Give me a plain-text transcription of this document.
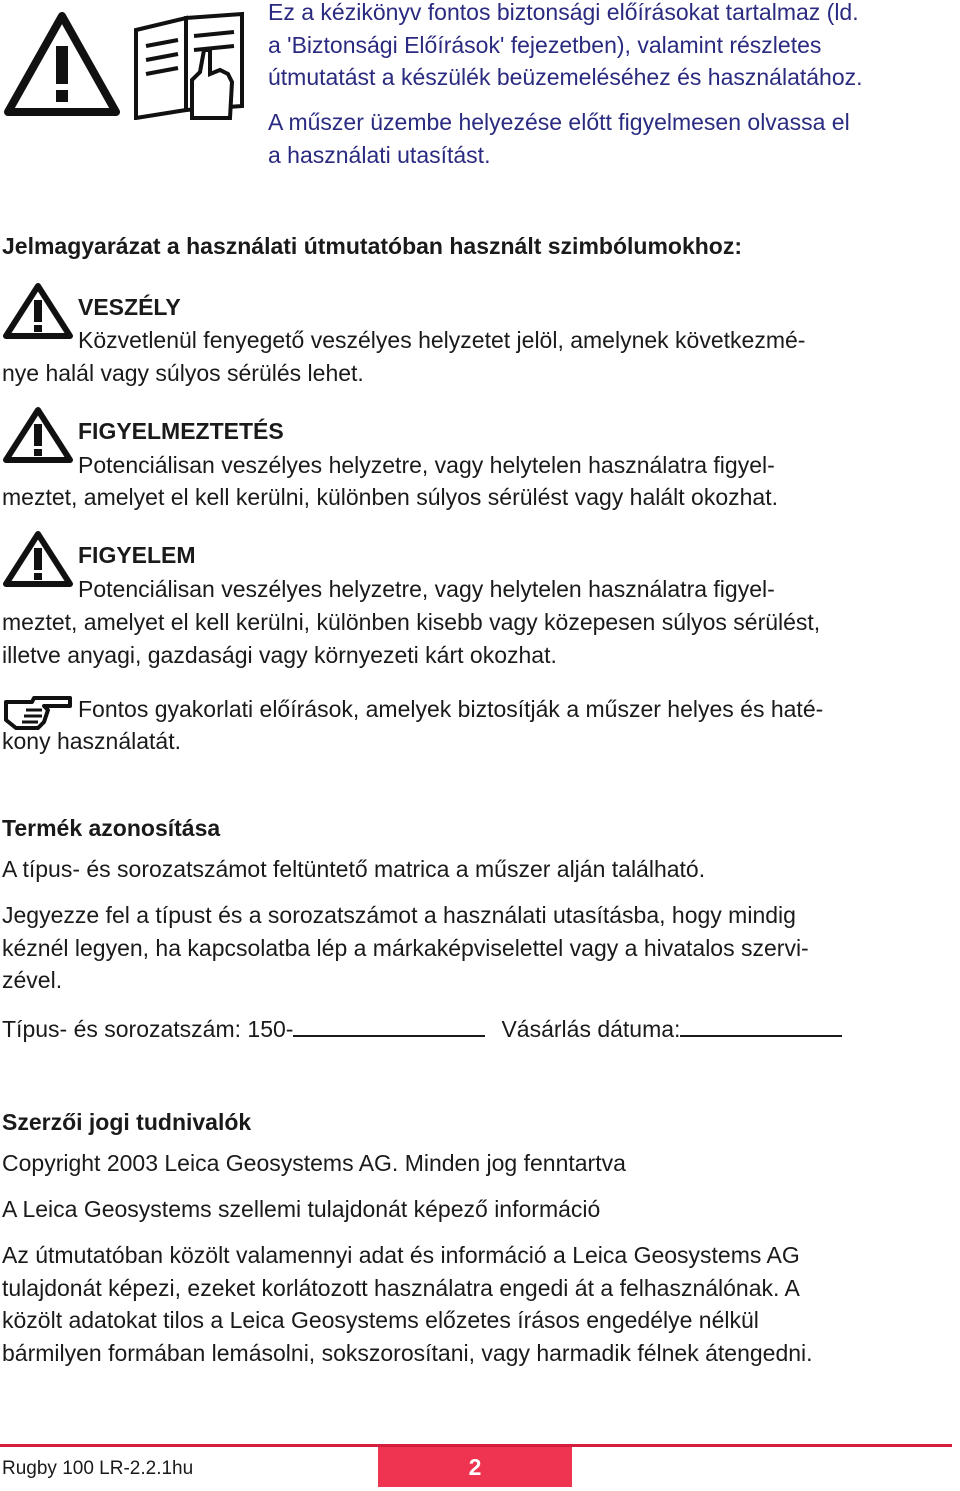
Ez a kézikönyv fontos biztonsági előírásokat tartalmaz (ld.
a 'Biztonsági Előírások' fejezetben), valamint részletes
útmutatást a készülék beüzemeléséhez és használatához.
A műszer üzembe helyezése előtt figyelmesen olvassa el
a használati utasítást.
Jelmagyarázat a használati útmutatóban használt szimbólumokhoz:
VESZÉLY
Közvetlenül fenyegető veszélyes helyzetet jelöl, amelynek következmé-
nye halál vagy súlyos sérülés lehet.
FIGYELMEZTETÉS
Potenciálisan veszélyes helyzetre, vagy helytelen használatra figyel-
meztet, amelyet el kell kerülni, különben súlyos sérülést vagy halált okozhat.
FIGYELEM
Potenciálisan veszélyes helyzetre, vagy helytelen használatra figyel-
meztet, amelyet el kell kerülni, különben kisebb vagy közepesen súlyos sérülést,
illetve anyagi, gazdasági vagy környezeti kárt okozhat.
Fontos gyakorlati előírások, amelyek biztosítják a műszer helyes és haté-
kony használatát.
Termék azonosítása
A típus- és sorozatszámot feltüntető matrica a műszer alján található.
Jegyezze fel a típust és a sorozatszámot a használati utasításba, hogy mindig
kéznél legyen, ha kapcsolatba lép a márkaképviselettel vagy a hivatalos szervi-
zével.
Típus- és sorozatszám: 150-	Vásárlás dátuma:
Szerzői jogi tudnivalók
Copyright 2003 Leica Geosystems AG. Minden jog fenntartva
A Leica Geosystems szellemi tulajdonát képező információ
Az útmutatóban közölt valamennyi adat és információ a Leica Geosystems AG
tulajdonát képezi, ezeket korlátozott használatra engedi át a felhasználónak. A
közölt adatokat tilos a Leica Geosystems előzetes írásos engedélye nélkül
bármilyen formában lemásolni, sokszorosítani, vagy harmadik félnek átengedni.
Rugby 100 LR-2.2.1hu	2
